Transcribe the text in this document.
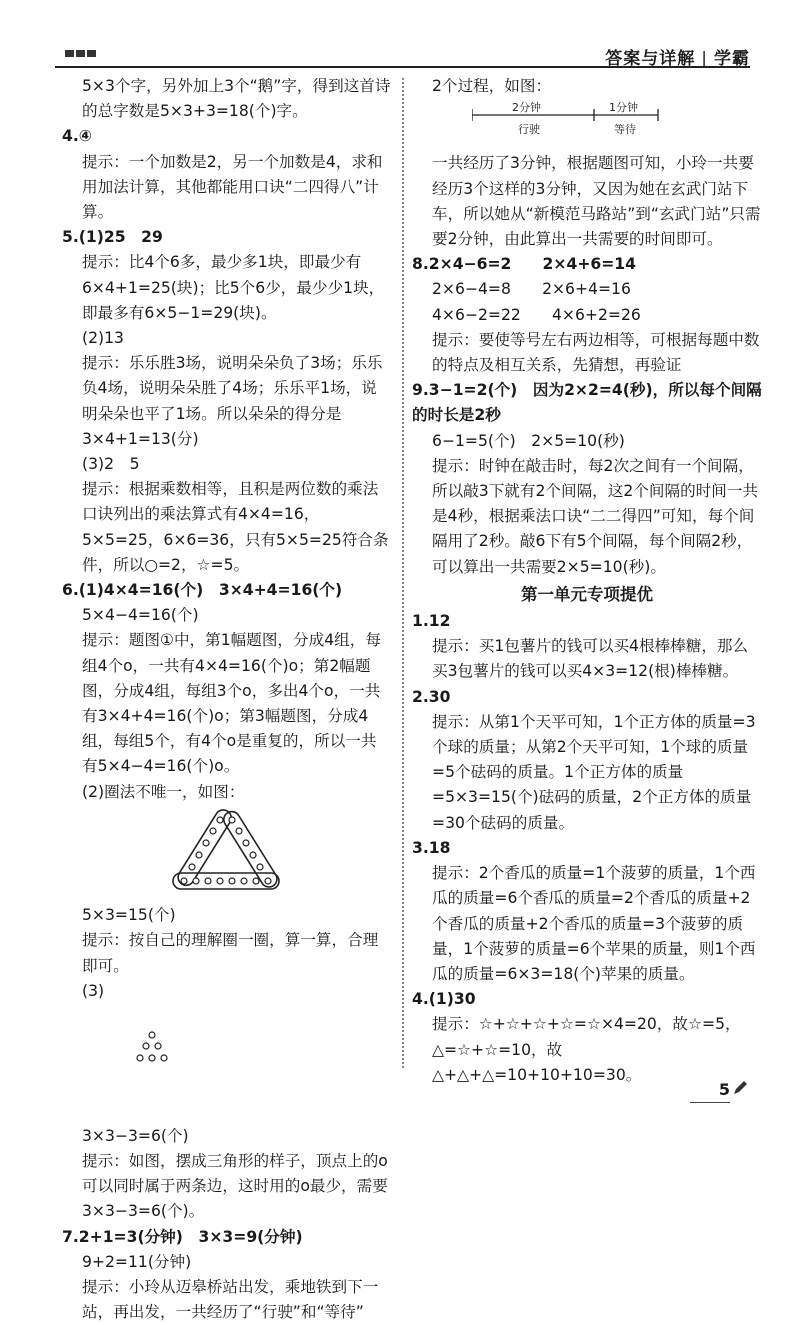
答案与详解 | 学霸

5×3个字，另外加上3个“鹅”字，得到这首诗的总字数是5×3+3=18(个)字。

4.④

提示：一个加数是2，另一个加数是4，求和用加法计算，其他都能用口诀“二四得八”计算。

5.(1)25　29

提示：比4个6多，最少多1块，即最少有6×4+1=25(块)；比5个6少，最少少1块，即最多有6×5−1=29(块)。

(2)13

提示：乐乐胜3场，说明朵朵负了3场；乐乐负4场，说明朵朵胜了4场；乐乐平1场，说明朵朵也平了1场。所以朵朵的得分是3×4+1=13(分)

(3)2　5

提示：根据乘数相等，且积是两位数的乘法口诀列出的乘法算式有4×4=16，5×5=25，6×6=36，只有5×5=25符合条件，所以○=2，☆=5。

6.(1)4×4=16(个)　3×4+4=16(个)

5×4−4=16(个)

提示：题图①中，第1幅题图，分成4组，每组4个o，一共有4×4=16(个)o；第2幅题图，分成4组，每组3个o，多出4个o，一共有3×4+4=16(个)o；第3幅题图，分成4组，每组5个，有4个o是重复的，所以一共有5×4−4=16(个)o。

(2)圈法不唯一，如图：

5×3=15(个)

提示：按自己的理解圈一圈，算一算，合理即可。

(3)

3×3−3=6(个)

提示：如图，摆成三角形的样子，顶点上的o可以同时属于两条边，这时用的o最少，需要3×3−3=6(个)。

7.2+1=3(分钟)　3×3=9(分钟)

9+2=11(分钟)

提示：小玲从迈皋桥站出发，乘地铁到下一站，再出发，一共经历了“行驶”和“等待”

2个过程，如图：

2分钟	1分钟
行驶	等待

一共经历了3分钟，根据题图可知，小玲一共要经历3个这样的3分钟，又因为她在玄武门站下车，所以她从“新模范马路站”到“玄武门站”只需要2分钟，由此算出一共需要的时间即可。

8.2×4−6=2　　2×4+6=14

2×6−4=8　　2×6+4=16

4×6−2=22　　4×6+2=26

提示：要使等号左右两边相等，可根据每题中数的特点及相互关系，先猜想，再验证

9.3−1=2(个)　因为2×2=4(秒)，所以每个间隔的时长是2秒

6−1=5(个)　2×5=10(秒)

提示：时钟在敲击时，每2次之间有一个间隔，所以敲3下就有2个间隔，这2个间隔的时间一共是4秒，根据乘法口诀“二二得四”可知，每个间隔用了2秒。敲6下有5个间隔，每个间隔2秒，可以算出一共需要2×5=10(秒)。

第一单元专项提优

1.12

提示：买1包薯片的钱可以买4根棒棒糖，那么买3包薯片的钱可以买4×3=12(根)棒棒糖。

2.30

提示：从第1个天平可知，1个正方体的质量=3个球的质量；从第2个天平可知，1个球的质量=5个砝码的质量。1个正方体的质量=5×3=15(个)砝码的质量，2个正方体的质量=30个砝码的质量。

3.18

提示：2个香瓜的质量=1个菠萝的质量，1个西瓜的质量=6个香瓜的质量=2个香瓜的质量+2个香瓜的质量+2个香瓜的质量=3个菠萝的质量，1个菠萝的质量=6个苹果的质量，则1个西瓜的质量=6×3=18(个)苹果的质量。

4.(1)30

提示：☆+☆+☆+☆=☆×4=20，故☆=5，△=☆+☆=10，故△+△+△=10+10+10=30。

5
